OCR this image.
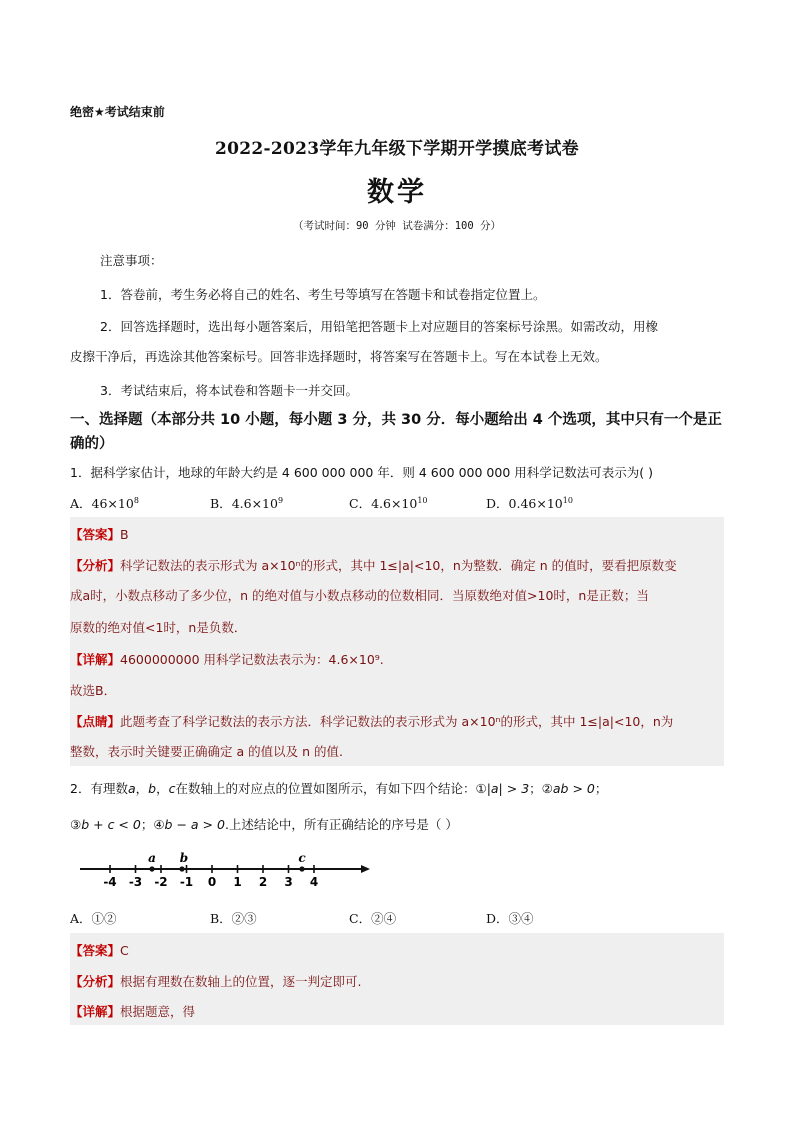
绝密★考试结束前
2022-2023学年九年级下学期开学摸底考试卷
数学
（考试时间：90 分钟 试卷满分：100 分）
注意事项：
1．答卷前，考生务必将自己的姓名、考生号等填写在答题卡和试卷指定位置上。
2．回答选择题时，选出每小题答案后，用铅笔把答题卡上对应题目的答案标号涂黑。如需改动，用橡
皮擦干净后，再选涂其他答案标号。回答非选择题时，将答案写在答题卡上。写在本试卷上无效。
3．考试结束后，将本试卷和答题卡一并交回。
一、选择题（本部分共 10 小题，每小题 3 分，共 30 分．每小题给出 4 个选项，其中只有一个是正确的）
1．据科学家估计，地球的年龄大约是 4 600 000 000 年．则 4 600 000 000 用科学记数法可表示为( )
A．$46\times 10^8$	B．$4.6\times 10^9$	C．$4.6\times 10^{10}$	D．$0.46\times 10^{10}$
【答案】B
【分析】科学记数法的表示形式为 a×10ⁿ的形式，其中 1≤|a|<10，n为整数．确定 n 的值时，要看把原数变
成a时，小数点移动了多少位，n 的绝对值与小数点移动的位数相同．当原数绝对值>10时，n是正数；当
原数的绝对值<1时，n是负数．
【详解】4600000000 用科学记数法表示为：4.6×10⁹.
故选B．
【点睛】此题考查了科学记数法的表示方法．科学记数法的表示形式为 a×10ⁿ的形式，其中 1≤|a|<10，n为
整数，表示时关键要正确确定 a 的值以及 n 的值.
2．有理数a，b，c在数轴上的对应点的位置如图所示，有如下四个结论：①|a| > 3；②ab > 0；
③b + c < 0；④b − a > 0.上述结论中，所有正确结论的序号是（ ）
-4 -3 -2 -1 0 1 2 3 4
a b	c
A．①②	B．②③	C．②④	D．③④
【答案】C
【分析】根据有理数在数轴上的位置，逐一判定即可.
【详解】根据题意，得
